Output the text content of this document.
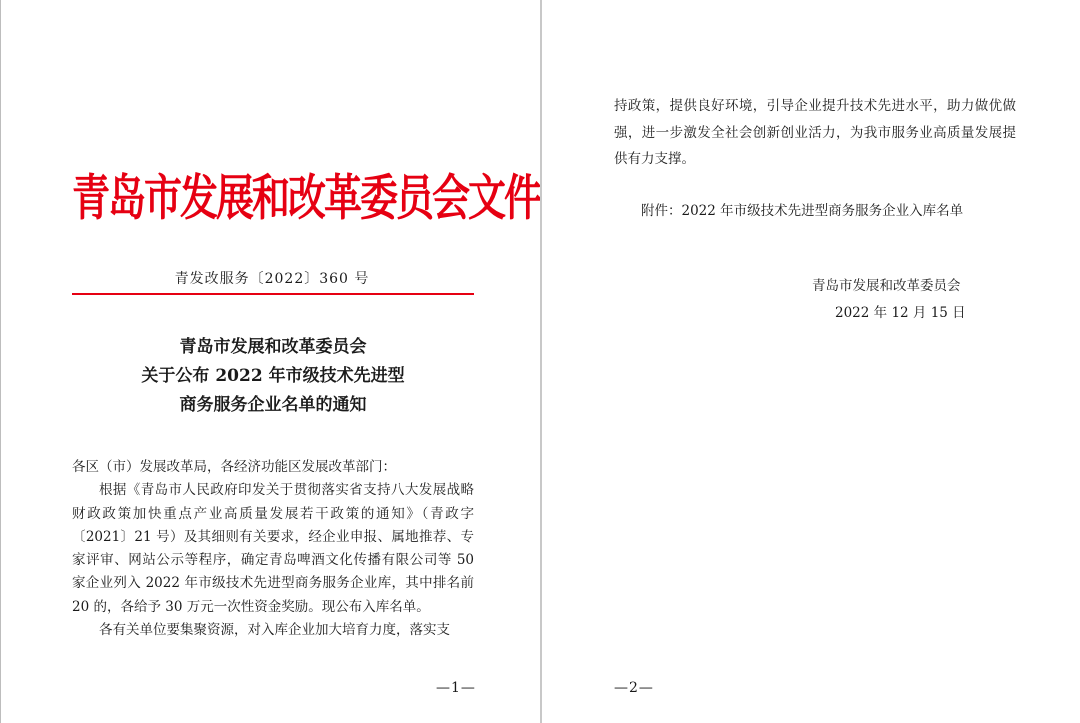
青岛市发展和改革委员会文件
青发改服务〔2022〕360 号
青岛市发展和改革委员会
关于公布 2022 年市级技术先进型
商务服务企业名单的通知

各区（市）发展改革局，各经济功能区发展改革部门：

根据《青岛市人民政府印发关于贯彻落实省支持八大发展战略财政政策加快重点产业高质量发展若干政策的通知》（青政字〔2021〕21 号）及其细则有关要求，经企业申报、属地推荐、专家评审、网站公示等程序，确定青岛啤酒文化传播有限公司等 50 家企业列入 2022 年市级技术先进型商务服务企业库，其中排名前 20 的，各给予 30 万元一次性资金奖励。现公布入库名单。

各有关单位要集聚资源，对入库企业加大培育力度，落实支

—1—

持政策，提供良好环境，引导企业提升技术先进水平，助力做优做强，进一步激发全社会创新创业活力，为我市服务业高质量发展提供有力支撑。

附件：2022 年市级技术先进型商务服务企业入库名单
青岛市发展和改革委员会
2022 年 12 月 15 日
—2—
